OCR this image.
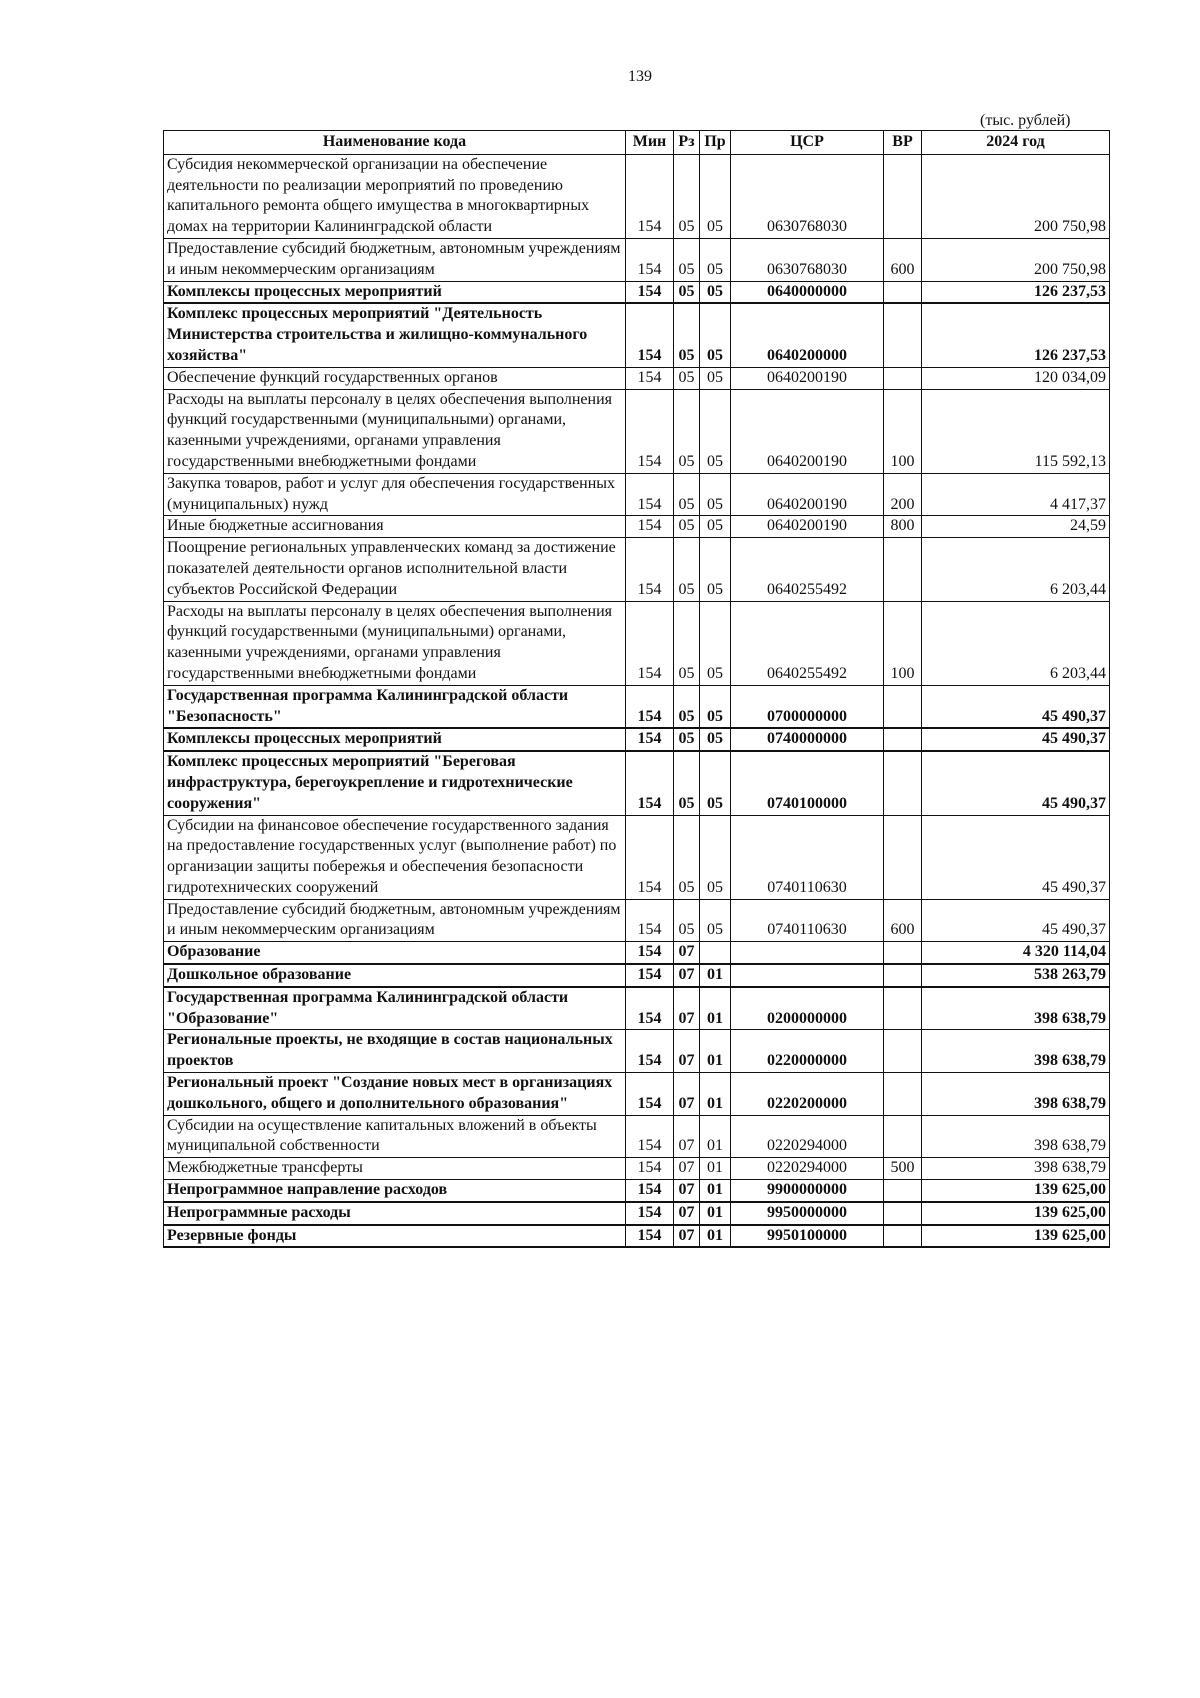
139
(тыс. рублей)
Наименование кода	Мин	Рз	Пр	ЦСР	ВР	2024 год
Субсидия некоммерческой организации на обеспечение деятельности по реализации мероприятий по проведению капитального ремонта общего имущества в многоквартирных домах на территории Калининградской области	154	05	05	0630768030		200 750,98
Предоставление субсидий бюджетным, автономным учреждениям и иным некоммерческим организациям	154	05	05	0630768030	600	200 750,98
Комплексы процессных мероприятий	154	05	05	0640000000		126 237,53
Комплекс процессных мероприятий "Деятельность Министерства строительства и жилищно-коммунального хозяйства"	154	05	05	0640200000		126 237,53
Обеспечение функций государственных органов	154	05	05	0640200190		120 034,09
Расходы на выплаты персоналу в целях обеспечения выполнения функций государственными (муниципальными) органами, казенными учреждениями, органами управления государственными внебюджетными фондами	154	05	05	0640200190	100	115 592,13
Закупка товаров, работ и услуг для обеспечения государственных (муниципальных) нужд	154	05	05	0640200190	200	4 417,37
Иные бюджетные ассигнования	154	05	05	0640200190	800	24,59
Поощрение региональных управленческих команд за достижение показателей деятельности органов исполнительной власти субъектов Российской Федерации	154	05	05	0640255492		6 203,44
Расходы на выплаты персоналу в целях обеспечения выполнения функций государственными (муниципальными) органами, казенными учреждениями, органами управления государственными внебюджетными фондами	154	05	05	0640255492	100	6 203,44
Государственная программа Калининградской области "Безопасность"	154	05	05	0700000000		45 490,37
Комплексы процессных мероприятий	154	05	05	0740000000		45 490,37
Комплекс процессных мероприятий "Береговая инфраструктура, берегоукрепление и гидротехнические сооружения"	154	05	05	0740100000		45 490,37
Субсидии на финансовое обеспечение государственного задания на предоставление государственных услуг (выполнение работ) по организации защиты побережья и обеспечения безопасности гидротехнических сооружений	154	05	05	0740110630		45 490,37
Предоставление субсидий бюджетным, автономным учреждениям и иным некоммерческим организациям	154	05	05	0740110630	600	45 490,37
Образование	154	07				4 320 114,04
Дошкольное образование	154	07	01			538 263,79
Государственная программа Калининградской области "Образование"	154	07	01	0200000000		398 638,79
Региональные проекты, не входящие в состав национальных проектов	154	07	01	0220000000		398 638,79
Региональный проект "Создание новых мест в организациях дошкольного, общего и дополнительного образования"	154	07	01	0220200000		398 638,79
Субсидии на осуществление капитальных вложений в объекты муниципальной собственности	154	07	01	0220294000		398 638,79
Межбюджетные трансферты	154	07	01	0220294000	500	398 638,79
Непрограммное направление расходов	154	07	01	9900000000		139 625,00
Непрограммные расходы	154	07	01	9950000000		139 625,00
Резервные фонды	154	07	01	9950100000		139 625,00
